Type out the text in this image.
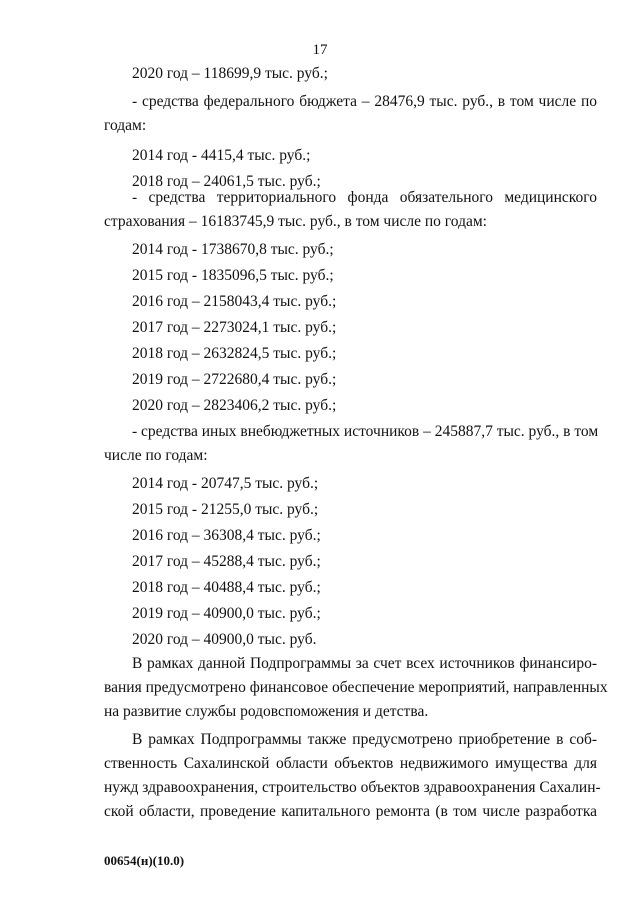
17
2020 год – 118699,9 тыс. руб.;
- средства федерального бюджета – 28476,9 тыс. руб., в том числе по
годам:
2014 год - 4415,4 тыс. руб.;
2018 год – 24061,5 тыс. руб.;
- средства территориального фонда обязательного медицинского
страхования – 16183745,9 тыс. руб., в том числе по годам:
2014 год - 1738670,8 тыс. руб.;
2015 год - 1835096,5 тыс. руб.;
2016 год – 2158043,4 тыс. руб.;
2017 год – 2273024,1 тыс. руб.;
2018 год – 2632824,5 тыс. руб.;
2019 год – 2722680,4 тыс. руб.;
2020 год – 2823406,2 тыс. руб.;
- средства иных внебюджетных источников – 245887,7 тыс. руб., в том
числе по годам:
2014 год - 20747,5 тыс. руб.;
2015 год - 21255,0 тыс. руб.;
2016 год – 36308,4 тыс. руб.;
2017 год – 45288,4 тыс. руб.;
2018 год – 40488,4 тыс. руб.;
2019 год – 40900,0 тыс. руб.;
2020 год – 40900,0 тыс. руб.
В рамках данной Подпрограммы за счет всех источников финансиро-
вания предусмотрено финансовое обеспечение мероприятий, направленных
на развитие службы родовспоможения и детства.
В рамках Подпрограммы также предусмотрено приобретение в соб-
ственность Сахалинской области объектов недвижимого имущества для
нужд здравоохранения, строительство объектов здравоохранения Сахалин-
ской области, проведение капитального ремонта (в том числе разработка
00654(н)(10.0)
